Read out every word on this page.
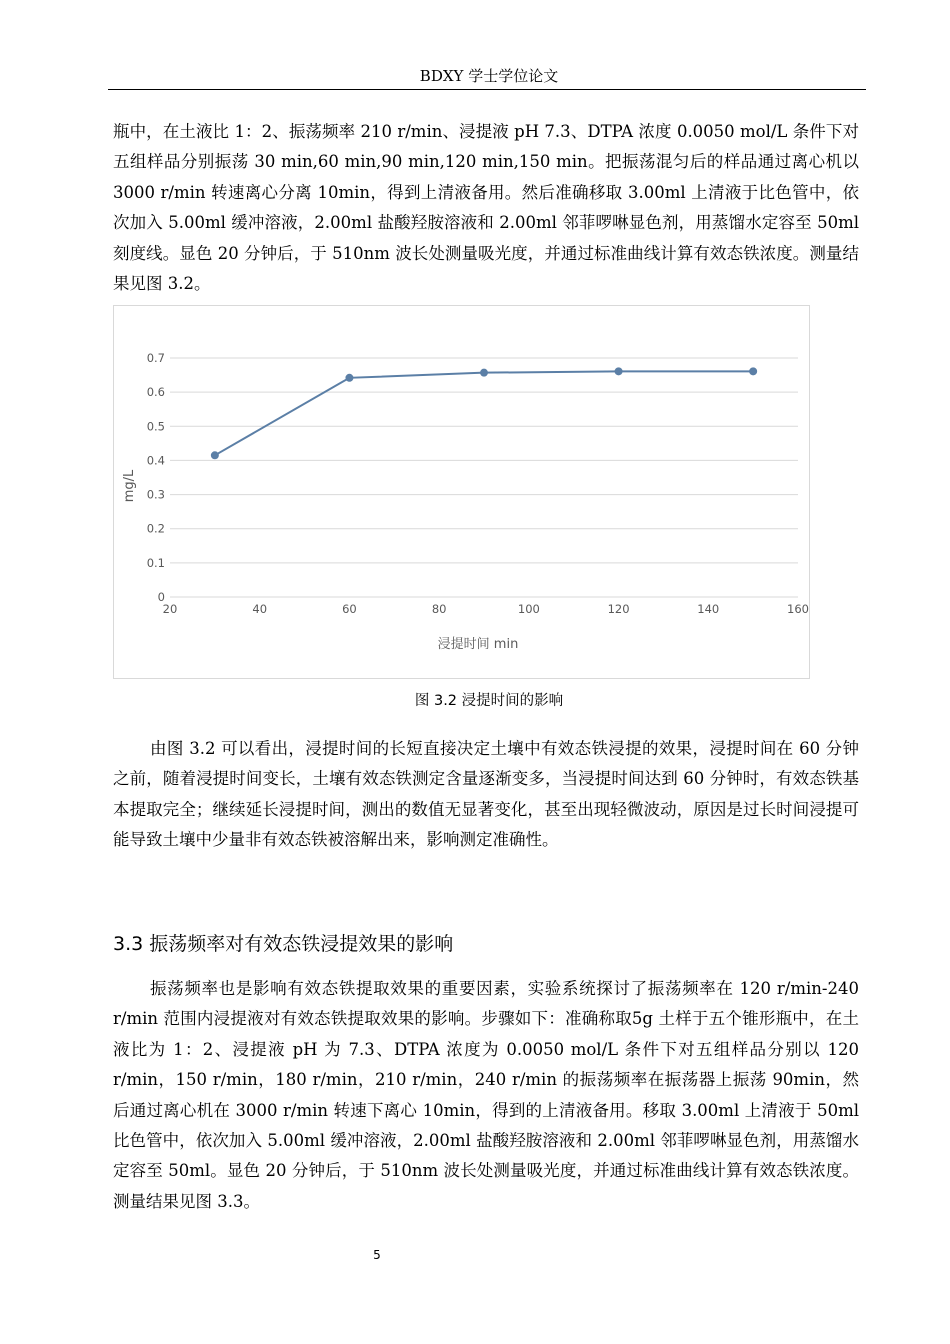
BDXY 学士学位论文

瓶中，在土液比 1：2、振荡频率 210 r/min、浸提液 pH 7.3、DTPA 浓度 0.0050 mol/L 条件下对五组样品分别振荡 30 min,60 min,90 min,120 min,150 min。把振荡混匀后的样品通过离心机以 3000 r/min 转速离心分离 10min，得到上清液备用。然后准确移取 3.00ml 上清液于比色管中，依次加入 5.00ml 缓冲溶液，2.00ml 盐酸羟胺溶液和 2.00ml 邻菲啰啉显色剂，用蒸馏水定容至 50ml 刻度线。显色 20 分钟后，于 510nm 波长处测量吸光度，并通过标准曲线计算有效态铁浓度。测量结果见图 3.2。

0
0.1
0.2
0.3
0.4
0.5
0.6
0.7
20	40	60	80	100	120	140	160
mg/L
浸提时间 min
图 3.2 浸提时间的影响

由图 3.2 可以看出，浸提时间的长短直接决定土壤中有效态铁浸提的效果，浸提时间在 60 分钟之前，随着浸提时间变长，土壤有效态铁测定含量逐渐变多，当浸提时间达到 60 分钟时，有效态铁基本提取完全；继续延长浸提时间，测出的数值无显著变化，甚至出现轻微波动，原因是过长时间浸提可能导致土壤中少量非有效态铁被溶解出来，影响测定准确性。

3.3 振荡频率对有效态铁浸提效果的影响

振荡频率也是影响有效态铁提取效果的重要因素，实验系统探讨了振荡频率在 120 r/min-240 r/min 范围内浸提液对有效态铁提取效果的影响。步骤如下：准确称取5g 土样于五个锥形瓶中，在土液比为 1：2、浸提液 pH 为 7.3、DTPA 浓度为 0.0050 mol/L 条件下对五组样品分别以 120 r/min，150 r/min，180 r/min，210 r/min，240 r/min 的振荡频率在振荡器上振荡 90min，然后通过离心机在 3000 r/min 转速下离心 10min，得到的上清液备用。移取 3.00ml 上清液于 50ml 比色管中，依次加入 5.00ml 缓冲溶液，2.00ml 盐酸羟胺溶液和 2.00ml 邻菲啰啉显色剂，用蒸馏水定容至 50ml。显色 20 分钟后，于 510nm 波长处测量吸光度，并通过标准曲线计算有效态铁浓度。测量结果见图 3.3。

5
